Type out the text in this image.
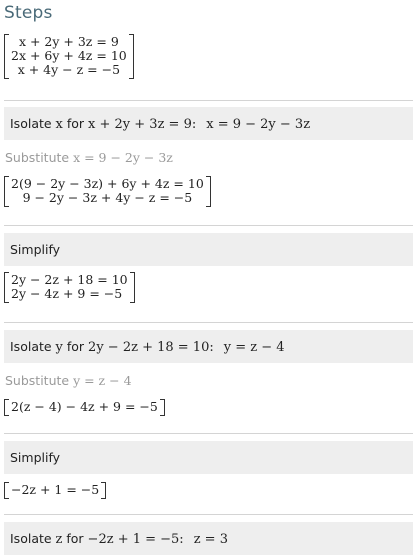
Steps
x + 2y + 3z = 9
2x + 6y + 4z = 10
x + 4y − z = −5
Isolate x for x + 2y + 3z = 9: x = 9 − 2y − 3z
Substitute x = 9 − 2y − 3z
2(9 − 2y − 3z) + 6y + 4z = 10
9 − 2y − 3z + 4y − z = −5
Simplify
2y − 2z + 18 = 10
2y − 4z + 9 = −5
Isolate y for 2y − 2z + 18 = 10: y = z − 4
Substitute y = z − 4
2(z − 4) − 4z + 9 = −5
Simplify
−2z + 1 = −5
Isolate z for −2z + 1 = −5: z = 3
